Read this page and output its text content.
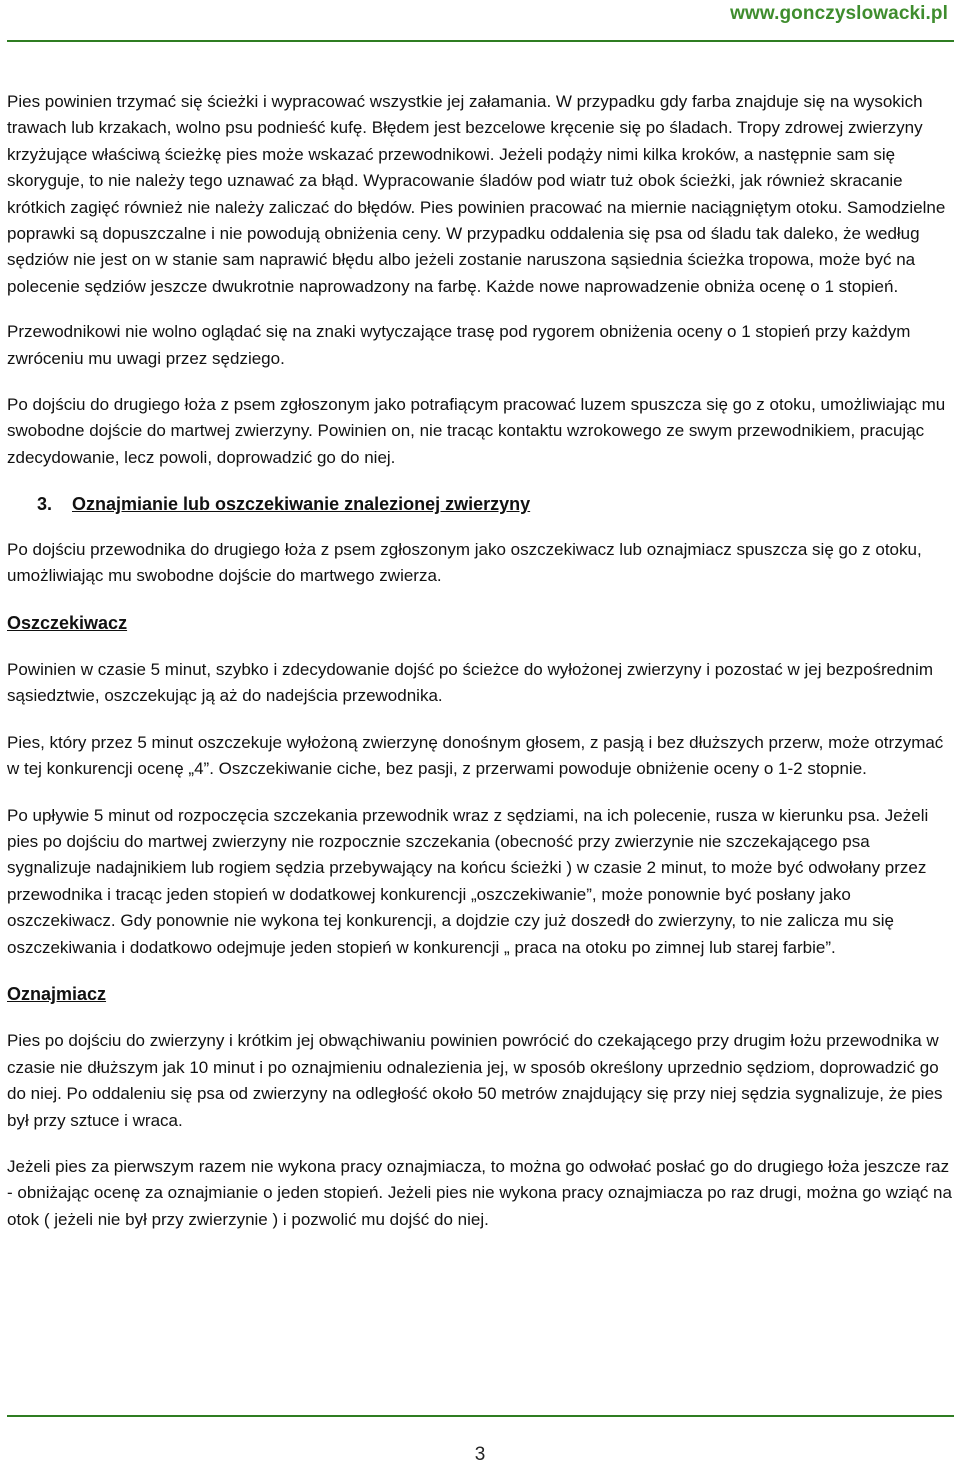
www.gonczyslowacki.pl

Pies powinien trzymać się ścieżki i wypracować wszystkie jej załamania. W przypadku gdy farba znajduje się na wysokich trawach lub krzakach, wolno psu podnieść kufę. Błędem jest bezcelowe kręcenie się po śladach. Tropy zdrowej zwierzyny krzyżujące właściwą ścieżkę pies może wskazać przewodnikowi. Jeżeli podąży nimi kilka kroków, a następnie sam się skoryguje, to nie należy tego uznawać za błąd. Wypracowanie śladów pod wiatr tuż obok ścieżki, jak również skracanie krótkich zagięć również nie należy zaliczać do błędów. Pies powinien pracować na miernie naciągniętym otoku. Samodzielne poprawki są dopuszczalne i nie powodują obniżenia ceny. W przypadku oddalenia się psa od śladu tak daleko, że według sędziów nie jest on w stanie sam naprawić błędu albo jeżeli zostanie naruszona sąsiednia ścieżka tropowa, może być na polecenie sędziów jeszcze dwukrotnie naprowadzony na farbę. Każde nowe naprowadzenie obniża ocenę o 1 stopień.

Przewodnikowi nie wolno oglądać się na znaki wytyczające trasę pod rygorem obniżenia oceny o 1 stopień przy każdym zwróceniu mu uwagi przez sędziego.

Po dojściu do drugiego łoża z psem zgłoszonym jako potrafiącym pracować luzem spuszcza się go z otoku, umożliwiając mu swobodne dojście do martwej zwierzyny. Powinien on, nie tracąc kontaktu wzrokowego ze swym przewodnikiem, pracując zdecydowanie, lecz powoli, doprowadzić go do niej.

3. Oznajmianie lub oszczekiwanie znalezionej zwierzyny

Po dojściu przewodnika do drugiego łoża z psem zgłoszonym jako oszczekiwacz lub oznajmiacz spuszcza się go z otoku, umożliwiając mu swobodne dojście do martwego zwierza.

Oszczekiwacz

Powinien w czasie 5 minut, szybko i zdecydowanie dojść po ścieżce do wyłożonej zwierzyny i pozostać w jej bezpośrednim sąsiedztwie, oszczekując ją aż do nadejścia przewodnika.

Pies, który przez 5 minut oszczekuje wyłożoną zwierzynę donośnym głosem, z pasją i bez dłuższych przerw, może otrzymać w tej konkurencji ocenę „4”. Oszczekiwanie ciche, bez pasji, z przerwami powoduje obniżenie oceny o 1-2 stopnie.

Po upływie 5 minut od rozpoczęcia szczekania przewodnik wraz z sędziami, na ich polecenie, rusza w kierunku psa. Jeżeli pies po dojściu do martwej zwierzyny nie rozpocznie szczekania (obecność przy zwierzynie nie szczekającego psa sygnalizuje nadajnikiem lub rogiem sędzia przebywający na końcu ścieżki ) w czasie 2 minut, to może być odwołany przez przewodnika i tracąc jeden stopień w dodatkowej konkurencji „oszczekiwanie”, może ponownie być posłany jako oszczekiwacz. Gdy ponownie nie wykona tej konkurencji, a dojdzie czy już doszedł do zwierzyny, to nie zalicza mu się oszczekiwania i dodatkowo odejmuje jeden stopień w konkurencji „ praca na otoku po zimnej lub starej farbie”.

Oznajmiacz

Pies po dojściu do zwierzyny i krótkim jej obwąchiwaniu powinien powrócić do czekającego przy drugim łożu przewodnika w czasie nie dłuższym jak 10 minut i po oznajmieniu odnalezienia jej, w sposób określony uprzednio sędziom, doprowadzić go do niej. Po oddaleniu się psa od zwierzyny na odległość około 50 metrów znajdujący się przy niej sędzia sygnalizuje, że pies był przy sztuce i wraca.

Jeżeli pies za pierwszym razem nie wykona pracy oznajmiacza, to można go odwołać posłać go do drugiego łoża jeszcze raz - obniżając ocenę za oznajmianie o jeden stopień. Jeżeli pies nie wykona pracy oznajmiacza po raz drugi, można go wziąć na otok ( jeżeli nie był przy zwierzynie ) i pozwolić mu dojść do niej.

3
